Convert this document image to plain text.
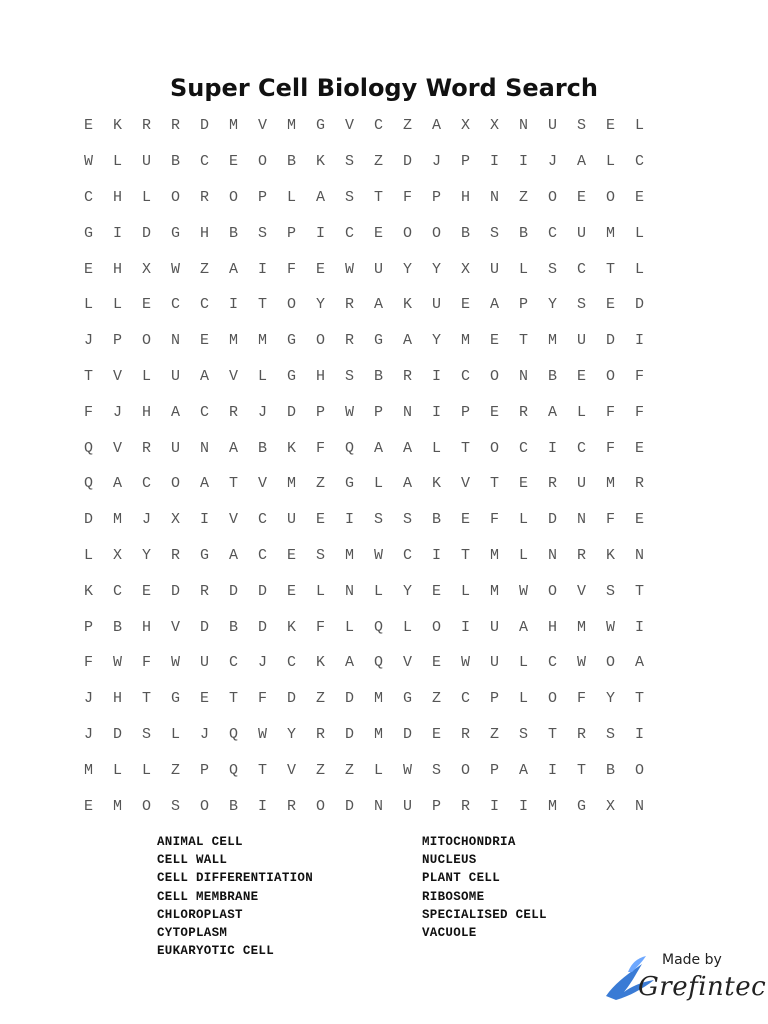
Super Cell Biology Word Search
E	K	R	R	D	M	V	M	G	V	C	Z	A	X	X	N	U	S	E	L
W	L	U	B	C	E	O	B	K	S	Z	D	J	P	I	I	J	A	L	C
C	H	L	O	R	O	P	L	A	S	T	F	P	H	N	Z	O	E	O	E
G	I	D	G	H	B	S	P	I	C	E	O	O	B	S	B	C	U	M	L
E	H	X	W	Z	A	I	F	E	W	U	Y	Y	X	U	L	S	C	T	L
L	L	E	C	C	I	T	O	Y	R	A	K	U	E	A	P	Y	S	E	D
J	P	O	N	E	M	M	G	O	R	G	A	Y	M	E	T	M	U	D	I
T	V	L	U	A	V	L	G	H	S	B	R	I	C	O	N	B	E	O	F
F	J	H	A	C	R	J	D	P	W	P	N	I	P	E	R	A	L	F	F
Q	V	R	U	N	A	B	K	F	Q	A	A	L	T	O	C	I	C	F	E
Q	A	C	O	A	T	V	M	Z	G	L	A	K	V	T	E	R	U	M	R
D	M	J	X	I	V	C	U	E	I	S	S	B	E	F	L	D	N	F	E
L	X	Y	R	G	A	C	E	S	M	W	C	I	T	M	L	N	R	K	N
K	C	E	D	R	D	D	E	L	N	L	Y	E	L	M	W	O	V	S	T
P	B	H	V	D	B	D	K	F	L	Q	L	O	I	U	A	H	M	W	I
F	W	F	W	U	C	J	C	K	A	Q	V	E	W	U	L	C	W	O	A
J	H	T	G	E	T	F	D	Z	D	M	G	Z	C	P	L	O	F	Y	T
J	D	S	L	J	Q	W	Y	R	D	M	D	E	R	Z	S	T	R	S	I
M	L	L	Z	P	Q	T	V	Z	Z	L	W	S	O	P	A	I	T	B	O
E	M	O	S	O	B	I	R	O	D	N	U	P	R	I	I	M	G	X	N
ANIMAL CELL
CELL WALL
CELL DIFFERENTIATION
CELL MEMBRANE
CHLOROPLAST
CYTOPLASM
EUKARYOTIC CELL
MITOCHONDRIA
NUCLEUS
PLANT CELL
RIBOSOME
SPECIALISED CELL
VACUOLE
Made by
Grefintec
